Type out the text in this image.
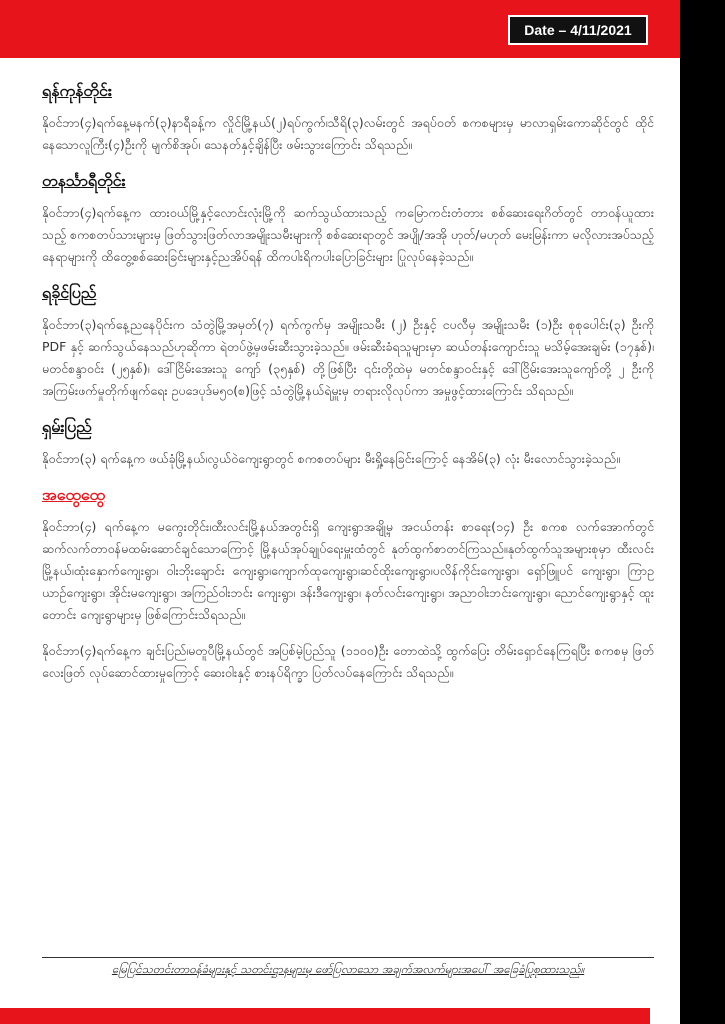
Date – 4/11/2021
ရန်ကုန်တိုင်း

နိုဝင်ဘာ(၄)ရက်နေ့မနက်(၃)နာရီခန့်က လှိုင်မြို့နယ်(၂)ရပ်ကွက်၊သီရိ(၃)လမ်းတွင် အရပ်ဝတ် စကစများမှ မာလာရှမ်းကောဆိုင်တွင် ထိုင်နေသောလူကြီး(၄)ဦးကို မျက်စိအုပ်၊ သေနတ်နှင့်ချိန်ပြီး ဖမ်းသွားကြောင်း သိရသည်။

တနင်္သာရီတိုင်း

နိုဝင်ဘာ(၄)ရက်နေ့က ထားဝယ်မြို့နှင့်လောင်းလုံးမြို့ကို ဆက်သွယ်ထားသည့် ကမြောကင်းတံတား စစ်ဆေးရေးဂိတ်တွင် တာဝန်ယူထားသည့် စကစတပ်သားများမှ ဖြတ်သွားဖြတ်လာအမျိုးသမီးများကို စစ်ဆေးရာတွင် အပျို/အအို ဟုတ်/မဟုတ် မေးမြန်းကာ မလိုလားအပ်သည့် နေရာများကို ထိတွေ့စစ်ဆေးခြင်းများနှင့်ညအိပ်ရန် ထိကပါးရိကပါးပြောခြင်းများ ပြုလုပ်နေခဲ့သည်။

ရခိုင်ပြည်

နိုဝင်ဘာ(၃)ရက်နေ့ညနေပိုင်းက သံတွဲမြို့အမှတ်(၇) ရက်ကွက်မှ အမျိုးသမီး (၂) ဦးနှင့် ငပလီမှ အမျိုးသမီး (၁)ဦး စုစုပေါင်း(၃) ဦးကို PDF နှင့် ဆက်သွယ်နေသည်ဟုဆိုကာ ရဲတပ်ဖွဲ့မှဖမ်းဆီးသွားခဲ့သည်။ ဖမ်းဆီးခံရသူများမှာ ဆယ်တန်းကျောင်းသူ မသိမ့်အေးချမ်း (၁၇နှစ်)၊ မတင်စန္ဒာဝင်း (၂၅နှစ်)၊ ဒေါ်ငြိမ်းအေးသူ ကျော် (၃၅နှစ်) တို့ဖြစ်ပြီး ၎င်းတို့ထဲမှ မတင်စန္ဒာဝင်းနှင့် ဒေါ်ငြိမ်းအေးသူကျော်တို့ ၂ ဦးကို အကြမ်းဖက်မှုတိုက်ဖျက်ရေး ဥပဒေပုဒ်မ၅၀(စ)ဖြင့် သံတွဲမြို့နယ်ရဲမှူးမှ တရားလိုလုပ်ကာ အမှုဖွင့်ထားကြောင်း သိရသည်။

ရှမ်းပြည်

နိုဝင်ဘာ(၃) ရက်နေ့က ဖယ်ခုံမြို့နယ်၊လွယ်ဝဲကျေးရွာတွင် စကစတပ်များ မီးရှို့နေခြင်းကြောင့် နေအိမ်(၃) လုံး မီးလောင်သွားခဲ့သည်။

အထွေထွေ

နိုဝင်ဘာ(၄) ရက်နေ့က မကွေးတိုင်း၊ထီးလင်းမြို့နယ်အတွင်းရှိ ကျေးရွာအချို့မှ အငယ်တန်း စာရေး(၁၄) ဦး စကစ လက်အောက်တွင် ဆက်လက်တာဝန်မထမ်းဆောင်ချင်သောကြောင့် မြို့နယ်အုပ်ချုပ်ရေးမှူးထံတွင် နုတ်ထွက်စာတင်ကြသည်။နုတ်ထွက်သူအများစုမှာ ထီးလင်းမြို့နယ်၊ထုံးနှောက်ကျေးရွာ၊ ဝါးဘိုးချောင်း ကျေးရွာ၊ကျောက်ထုကျေးရွာ၊ဆင်ထိုးကျေးရွာ၊ပလိန်ကိုင်းကျေးရွာ၊ ရှော်ဖြူပင် ကျေးရွာ၊ ကြာဥယာဉ်ကျေးရွာ၊ အိုင်းမကျေးရွာ၊ အကြည်ဝါးဘင်း ကျေးရွာ၊ ဒန်းဒီကျေးရွာ၊ နတ်လင်းကျေးရွာ၊ အညာဝါးဘင်းကျေးရွာ၊ ညောင်ကျေးရွာနှင့် ထူးတောင်း ကျေးရွာများမှ ဖြစ်ကြောင်းသိရသည်။

နိုဝင်ဘာ(၄)ရက်နေ့က ချင်းပြည်၊မတူပီမြို့နယ်တွင် အပြစ်မဲ့ပြည်သူ (၁၁၀၀)ဦး တောထဲသို့ ထွက်ပြေး တိမ်းရှောင်နေကြရပြီး စကစမှ ဖြတ်လေးဖြတ် လုပ်ဆောင်ထားမှုကြောင့် ဆေးဝါးနှင့် စားနပ်ရိက္ခာ ပြတ်လပ်နေကြောင်း သိရသည်။

မြေပြင်သတင်းတာဝန်ခံများနှင့် သတင်းဌာနများမှ ဖော်ပြလာသော အချက်အလက်များအပေါ် အခြေခံပြုစုထားသည်။
